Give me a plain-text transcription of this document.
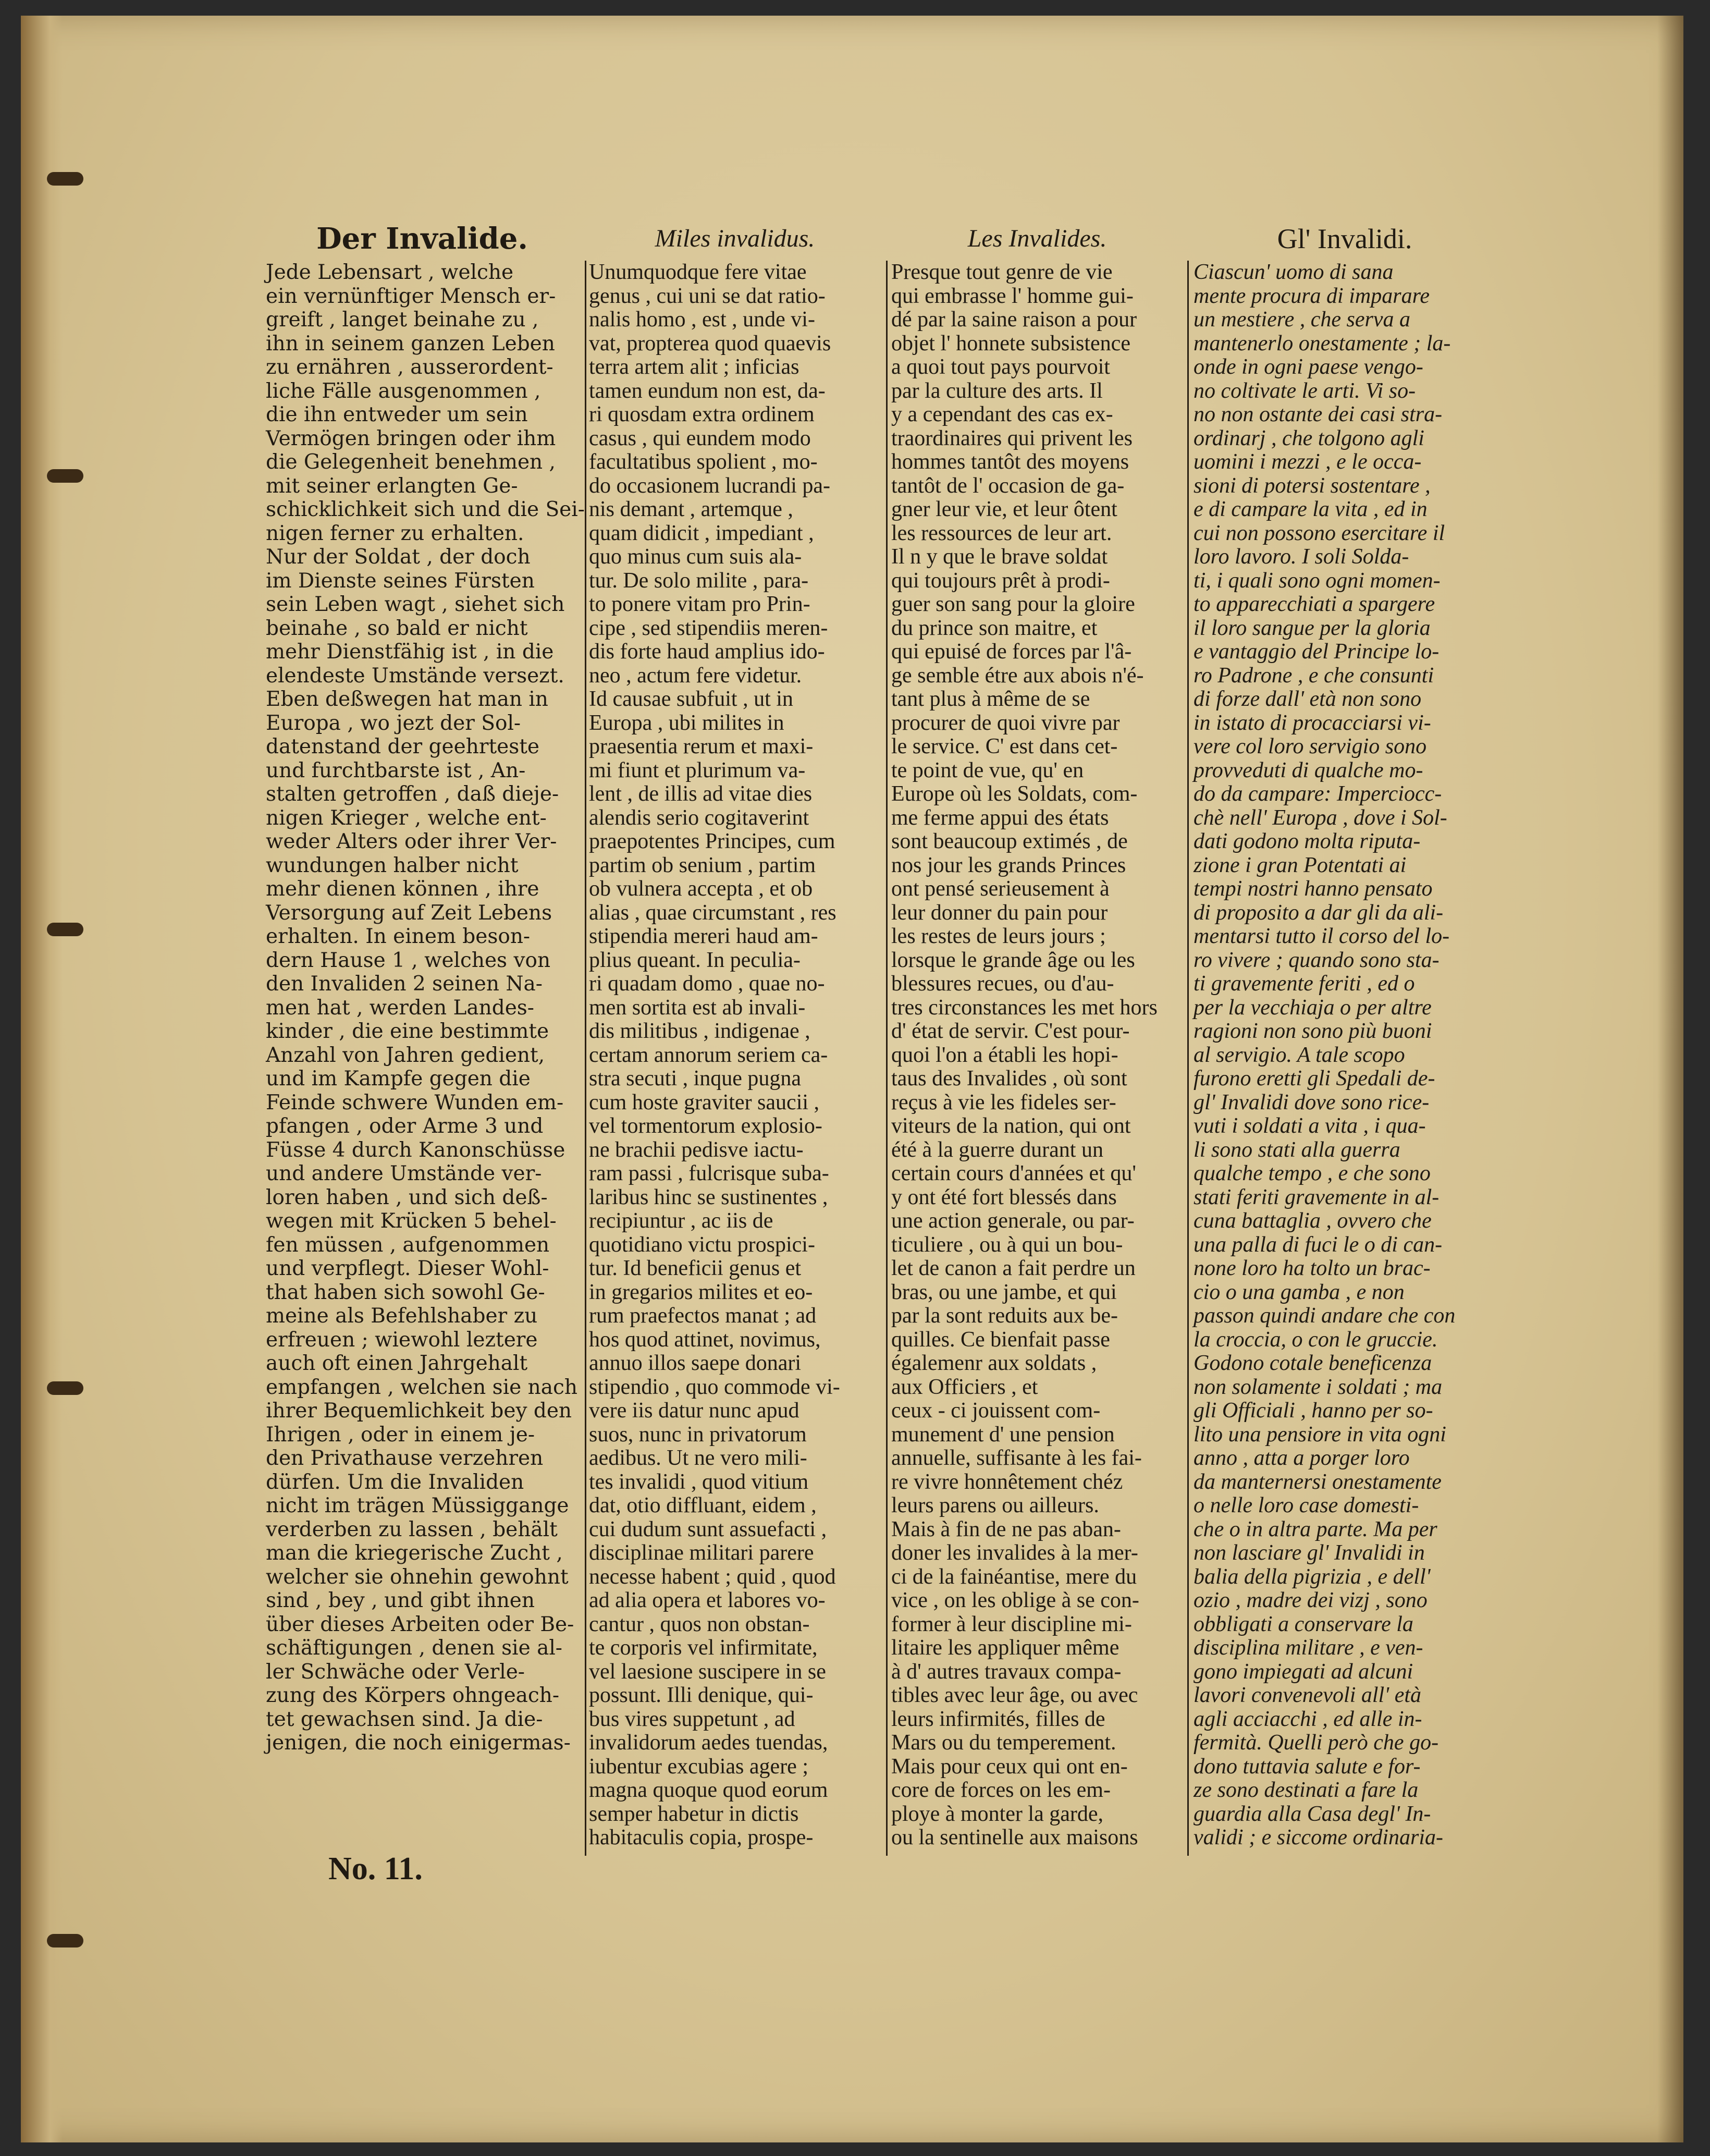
Der Invalide.

Jede Lebensart , welche

ein vernünftiger Mensch er-

greift , langet beinahe zu ,

ihn in seinem ganzen Leben

zu ernähren , ausserordent-

liche Fälle ausgenommen ,

die ihn entweder um sein

Vermögen bringen oder ihm

die Gelegenheit benehmen ,

mit seiner erlangten Ge-

schicklichkeit sich und die Sei-

nigen ferner zu erhalten.

Nur der Soldat , der doch

im Dienste seines Fürsten

sein Leben wagt , siehet sich

beinahe , so bald er nicht

mehr Dienstfähig ist , in die

elendeste Umstände versezt.

Eben deßwegen hat man in

Europa , wo jezt der Sol-

datenstand der geehrteste

und furchtbarste ist , An-

stalten getroffen , daß dieje-

nigen Krieger , welche ent-

weder Alters oder ihrer Ver-

wundungen halber nicht

mehr dienen können , ihre

Versorgung auf Zeit Lebens

erhalten. In einem beson-

dern Hause 1 , welches von

den Invaliden 2 seinen Na-

men hat , werden Landes-

kinder , die eine bestimmte

Anzahl von Jahren gedient,

und im Kampfe gegen die

Feinde schwere Wunden em-

pfangen , oder Arme 3 und

Füsse 4 durch Kanonschüsse

und andere Umstände ver-

loren haben , und sich deß-

wegen mit Krücken 5 behel-

fen müssen , aufgenommen

und verpflegt. Dieser Wohl-

that haben sich sowohl Ge-

meine als Befehlshaber zu

erfreuen ; wiewohl leztere

auch oft einen Jahrgehalt

empfangen , welchen sie nach

ihrer Bequemlichkeit bey den

Ihrigen , oder in einem je-

den Privathause verzehren

dürfen. Um die Invaliden

nicht im trägen Müssiggange

verderben zu lassen , behält

man die kriegerische Zucht ,

welcher sie ohnehin gewohnt

sind , bey , und gibt ihnen

über dieses Arbeiten oder Be-

schäftigungen , denen sie al-

ler Schwäche oder Verle-

zung des Körpers ohngeach-

tet gewachsen sind. Ja die-

jenigen, die noch einigermas-

Miles invalidus.

Unumquodque fere vitae

genus , cui uni se dat ratio-

nalis homo , est , unde vi-

vat, propterea quod quaevis

terra artem alit ; inficias

tamen eundum non est, da-

ri quosdam extra ordinem

casus , qui eundem modo

facultatibus spolient , mo-

do occasionem lucrandi pa-

nis demant , artemque ,

quam didicit , impediant ,

quo minus cum suis ala-

tur. De solo milite , para-

to ponere vitam pro Prin-

cipe , sed stipendiis meren-

dis forte haud amplius ido-

neo , actum fere videtur.

Id causae subfuit , ut in

Europa , ubi milites in

praesentia rerum et maxi-

mi fiunt et plurimum va-

lent , de illis ad vitae dies

alendis serio cogitaverint

praepotentes Principes, cum

partim ob senium , partim

ob vulnera accepta , et ob

alias , quae circumstant , res

stipendia mereri haud am-

plius queant. In peculia-

ri quadam domo , quae no-

men sortita est ab invali-

dis militibus , indigenae ,

certam annorum seriem ca-

stra secuti , inque pugna

cum hoste graviter saucii ,

vel tormentorum explosio-

ne brachii pedisve iactu-

ram passi , fulcrisque suba-

laribus hinc se sustinentes ,

recipiuntur , ac iis de

quotidiano victu prospici-

tur. Id beneficii genus et

in gregarios milites et eo-

rum praefectos manat ; ad

hos quod attinet, novimus,

annuo illos saepe donari

stipendio , quo commode vi-

vere iis datur nunc apud

suos, nunc in privatorum

aedibus. Ut ne vero mili-

tes invalidi , quod vitium

dat, otio diffluant, eidem ,

cui dudum sunt assuefacti ,

disciplinae militari parere

necesse habent ; quid , quod

ad alia opera et labores vo-

cantur , quos non obstan-

te corporis vel infirmitate,

vel laesione suscipere in se

possunt. Illi denique, qui-

bus vires suppetunt , ad

invalidorum aedes tuendas,

iubentur excubias agere ;

magna quoque quod eorum

semper habetur in dictis

habitaculis copia, prospe-

Les Invalides.

Presque tout genre de vie

qui embrasse l' homme gui-

dé par la saine raison a pour

objet l' honnete subsistence

a quoi tout pays pourvoit

par la culture des arts. Il

y a cependant des cas ex-

traordinaires qui privent les

hommes tantôt des moyens

tantôt de l' occasion de ga-

gner leur vie, et leur ôtent

les ressources de leur art.

Il n y que le brave soldat

qui toujours prêt à prodi-

guer son sang pour la gloire

du prince son maitre, et

qui epuisé de forces par l'â-

ge semble étre aux abois n'é-

tant plus à même de se

procurer de quoi vivre par

le service. C' est dans cet-

te point de vue, qu' en

Europe où les Soldats, com-

me ferme appui des états

sont beaucoup extimés , de

nos jour les grands Princes

ont pensé serieusement à

leur donner du pain pour

les restes de leurs jours ;

lorsque le grande âge ou les

blessures recues, ou d'au-

tres circonstances les met hors

d' état de servir. C'est pour-

quoi l'on a établi les hopi-

taus des Invalides , où sont

reçus à vie les fideles ser-

viteurs de la nation, qui ont

été à la guerre durant un

certain cours d'années et qu'

y ont été fort blessés dans

une action generale, ou par-

ticuliere , ou à qui un bou-

let de canon a fait perdre un

bras, ou une jambe, et qui

par la sont reduits aux be-

quilles. Ce bienfait passe

égalemenr aux soldats ,

aux Officiers , et

ceux - ci jouissent com-

munement d' une pension

annuelle, suffisante à les fai-

re vivre honnêtement chéz

leurs parens ou ailleurs.

Mais à fin de ne pas aban-

doner les invalides à la mer-

ci de la fainéantise, mere du

vice , on les oblige à se con-

former à leur discipline mi-

litaire les appliquer même

à d' autres travaux compa-

tibles avec leur âge, ou avec

leurs infirmités, filles de

Mars ou du temperement.

Mais pour ceux qui ont en-

core de forces on les em-

ploye à monter la garde,

ou la sentinelle aux maisons

Gl' Invalidi.

Ciascun' uomo di sana

mente procura di imparare

un mestiere , che serva a

mantenerlo onestamente ; la-

onde in ogni paese vengo-

no coltivate le arti. Vi so-

no non ostante dei casi stra-

ordinarj , che tolgono agli

uomini i mezzi , e le occa-

sioni di potersi sostentare ,

e di campare la vita , ed in

cui non possono esercitare il

loro lavoro. I soli Solda-

ti, i quali sono ogni momen-

to apparecchiati a spargere

il loro sangue per la gloria

e vantaggio del Principe lo-

ro Padrone , e che consunti

di forze dall' età non sono

in istato di procacciarsi vi-

vere col loro servigio sono

provveduti di qualche mo-

do da campare: Imperciocc-

chè nell' Europa , dove i Sol-

dati godono molta riputa-

zione i gran Potentati ai

tempi nostri hanno pensato

di proposito a dar gli da ali-

mentarsi tutto il corso del lo-

ro vivere ; quando sono sta-

ti gravemente feriti , ed o

per la vecchiaja o per altre

ragioni non sono più buoni

al servigio. A tale scopo

furono eretti gli Spedali de-

gl' Invalidi dove sono rice-

vuti i soldati a vita , i qua-

li sono stati alla guerra

qualche tempo , e che sono

stati feriti gravemente in al-

cuna battaglia , ovvero che

una palla di fuci le o di can-

none loro ha tolto un brac-

cio o una gamba , e non

passon quindi andare che con

la croccia, o con le gruccie.

Godono cotale beneficenza

non solamente i soldati ; ma

gli Officiali , hanno per so-

lito una pensiore in vita ogni

anno , atta a porger loro

da manternersi onestamente

o nelle loro case domesti-

che o in altra parte. Ma per

non lasciare gl' Invalidi in

balia della pigrizia , e dell'

ozio , madre dei vizj , sono

obbligati a conservare la

disciplina militare , e ven-

gono impiegati ad alcuni

lavori convenevoli all' età

agli acciacchi , ed alle in-

fermità. Quelli però che go-

dono tuttavia salute e for-

ze sono destinati a fare la

guardia alla Casa degl' In-

validi ; e siccome ordinaria-

No. 11.
